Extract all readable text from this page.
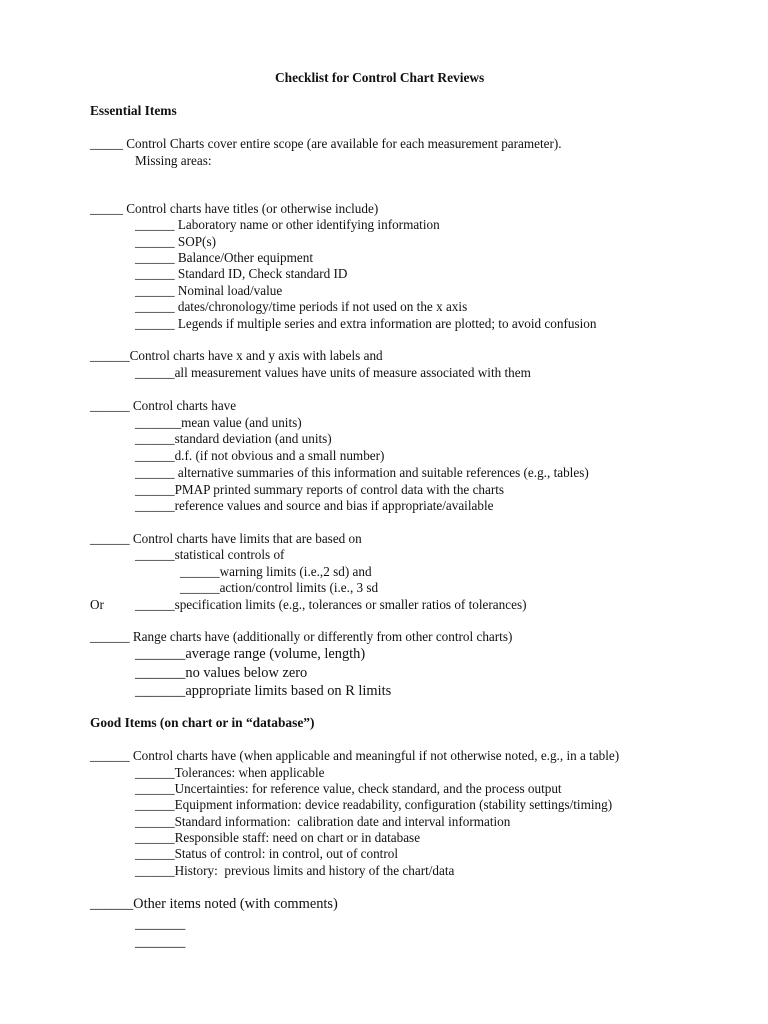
Checklist for Control Chart Reviews
Essential Items
_____ Control Charts cover entire scope (are available for each measurement parameter).
Missing areas:
_____ Control charts have titles (or otherwise include)
______ Laboratory name or other identifying information
______ SOP(s)
______ Balance/Other equipment
______ Standard ID, Check standard ID
______ Nominal load/value
______ dates/chronology/time periods if not used on the x axis
______ Legends if multiple series and extra information are plotted; to avoid confusion
______Control charts have x and y axis with labels and
______all measurement values have units of measure associated with them
______ Control charts have
_______mean value (and units)
______standard deviation (and units)
______d.f. (if not obvious and a small number)
______ alternative summaries of this information and suitable references (e.g., tables)
______PMAP printed summary reports of control data with the charts
______reference values and source and bias if appropriate/available
______ Control charts have limits that are based on
______statistical controls of
______warning limits (i.e.,2 sd) and
______action/control limits (i.e., 3 sd
Or ______specification limits (e.g., tolerances or smaller ratios of tolerances)
______ Range charts have (additionally or differently from other control charts)
_______average range (volume, length)
_______no values below zero
_______appropriate limits based on R limits
Good Items (on chart or in “database”)
______ Control charts have (when applicable and meaningful if not otherwise noted, e.g., in a table)
______Tolerances: when applicable
______Uncertainties: for reference value, check standard, and the process output
______Equipment information: device readability, configuration (stability settings/timing)
______Standard information:  calibration date and interval information
______Responsible staff: need on chart or in database
______Status of control: in control, out of control
______History:  previous limits and history of the chart/data
______Other items noted (with comments)
_______
_______
